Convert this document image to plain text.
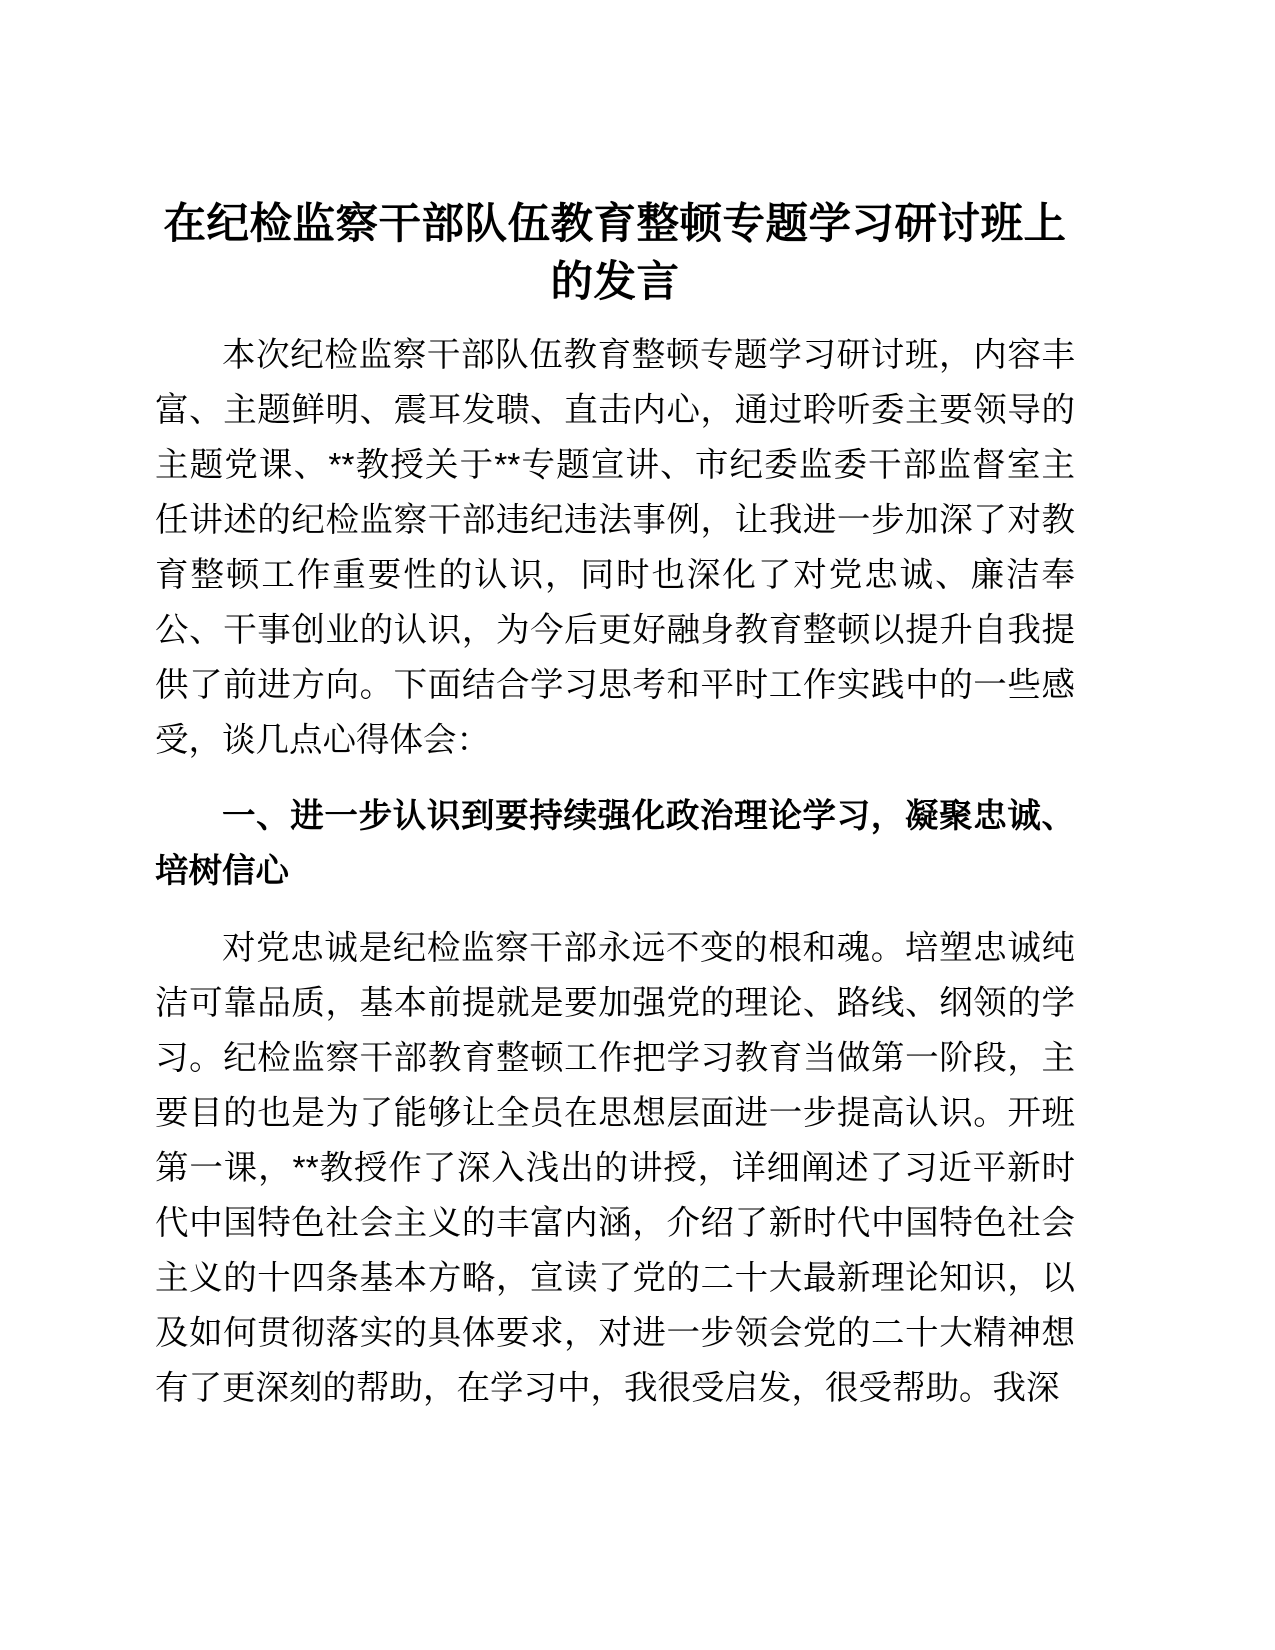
在纪检监察干部队伍教育整顿专题学习研讨班上的发言

本次纪检监察干部队伍教育整顿专题学习研讨班，内容丰富、主题鲜明、震耳发聩、直击内心，通过聆听委主要领导的主题党课、**教授关于**专题宣讲、市纪委监委干部监督室主任讲述的纪检监察干部违纪违法事例，让我进一步加深了对教育整顿工作重要性的认识，同时也深化了对党忠诚、廉洁奉公、干事创业的认识，为今后更好融身教育整顿以提升自我提供了前进方向。下面结合学习思考和平时工作实践中的一些感受，谈几点心得体会：

一、进一步认识到要持续强化政治理论学习，凝聚忠诚、培树信心

对党忠诚是纪检监察干部永远不变的根和魂。培塑忠诚纯洁可靠品质，基本前提就是要加强党的理论、路线、纲领的学习。纪检监察干部教育整顿工作把学习教育当做第一阶段，主要目的也是为了能够让全员在思想层面进一步提高认识。开班第一课，**教授作了深入浅出的讲授，详细阐述了习近平新时代中国特色社会主义的丰富内涵，介绍了新时代中国特色社会主义的十四条基本方略，宣读了党的二十大最新理论知识，以及如何贯彻落实的具体要求，对进一步领会党的二十大精神想有了更深刻的帮助，在学习中，我很受启发，很受帮助。我深
